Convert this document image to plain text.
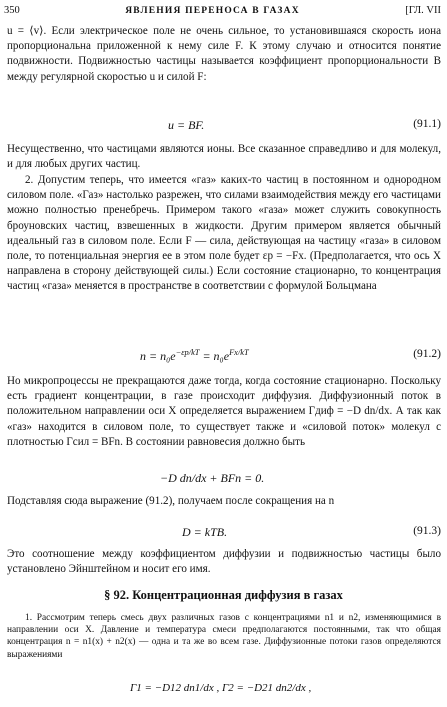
350	ЯВЛЕНИЯ ПЕРЕНОСА В ГАЗАХ	[ГЛ. VII

u = ⟨v⟩. Если электрическое поле не очень сильное, то установившаяся скорость иона пропорциональна приложенной к нему силе F. К этому случаю и относится понятие подвижности. Подвижностью частицы называется коэффициент пропорциональности В между регулярной скоростью u и силой F:

u = BF.	(91.1)

Несущественно, что частицами являются ионы. Все сказанное справедливо и для молекул, и для любых других частиц.

2. Допустим теперь, что имеется «газ» каких-то частиц в постоянном и однородном силовом поле. «Газ» настолько разрежен, что силами взаимодействия между его частицами можно полностью пренебречь. Примером такого «газа» может служить совокупность броуновских частиц, взвешенных в жидкости. Другим примером является обычный идеальный газ в силовом поле. Если F — сила, действующая на частицу «газа» в силовом поле, то потенциальная энергия ее в этом поле будет εp = −Fx. (Предполагается, что ось X направлена в сторону действующей силы.) Если состояние стационарно, то концентрация частиц «газа» меняется в пространстве в соответствии с формулой Больцмана

$n = n_0e^{-\varepsilon p/kT} = n_0e^{Fx/kT}$	(91.2)

Но микропроцессы не прекращаются даже тогда, когда состояние стационарно. Поскольку есть градиент концентрации, в газе происходит диффузия. Диффузионный поток в положительном направлении оси X определяется выражением Γдиф = −D dn/dx. А так как «газ» находится в силовом поле, то существует также и «силовой поток» молекул с плотностью Γсил = BFn. В состоянии равновесия должно быть

−D dn/dx + BFn = 0.

Подставляя сюда выражение (91.2), получаем после сокращения на n

D = kTB.	(91.3)

Это соотношение между коэффициентом диффузии и подвижностью частицы было установлено Эйнштейном и носит его имя.

§ 92. Концентрационная диффузия в газах

1. Рассмотрим теперь смесь двух различных газов с концентрациями n1 и n2, изменяющимися в направлении оси X. Давление и температура смеси предполагаются постоянными, так что общая концентрация n = n1(x) + n2(x) — одна и та же во всем газе. Диффузионные потоки газов определяются выражениями

Γ1 = −D12 dn1/dx , Γ2 = −D21 dn2/dx ,
